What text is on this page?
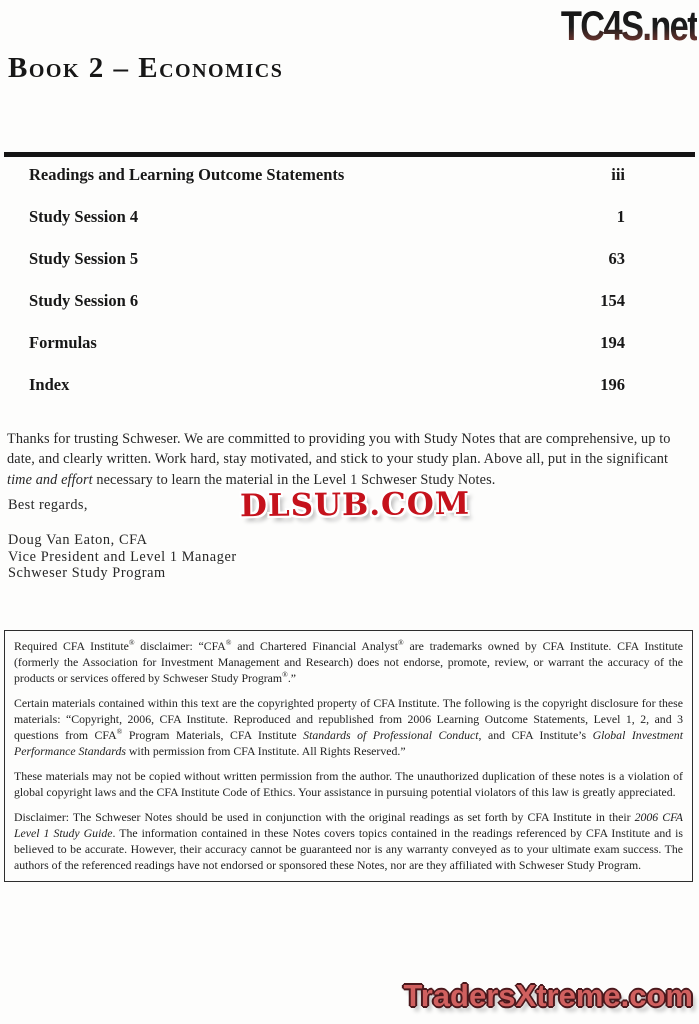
TC4S.net
Book 2 – Economics
Readings and Learning Outcome Statements	iii
Study Session 4	1
Study Session 5	63
Study Session 6	154
Formulas	194
Index	196

Thanks for trusting Schweser. We are committed to providing you with Study Notes that are comprehensive, up to date, and clearly written. Work hard, stay motivated, and stick to your study plan. Above all, put in the significant time and effort necessary to learn the material in the Level 1 Schweser Study Notes.

Best regards,	DLSUB.COM
Doug Van Eaton, CFA
Vice President and Level 1 Manager
Schweser Study Program

Required CFA Institute® disclaimer: “CFA® and Chartered Financial Analyst® are trademarks owned by CFA Institute. CFA Institute (formerly the Association for Investment Management and Research) does not endorse, promote, review, or warrant the accuracy of the products or services offered by Schweser Study Program®.”

Certain materials contained within this text are the copyrighted property of CFA Institute. The following is the copyright disclosure for these materials: “Copyright, 2006, CFA Institute. Reproduced and republished from 2006 Learning Outcome Statements, Level 1, 2, and 3 questions from CFA® Program Materials, CFA Institute Standards of Professional Conduct, and CFA Institute’s Global Investment Performance Standards with permission from CFA Institute. All Rights Reserved.”

These materials may not be copied without written permission from the author. The unauthorized duplication of these notes is a violation of global copyright laws and the CFA Institute Code of Ethics. Your assistance in pursuing potential violators of this law is greatly appreciated.

Disclaimer: The Schweser Notes should be used in conjunction with the original readings as set forth by CFA Institute in their 2006 CFA Level 1 Study Guide. The information contained in these Notes covers topics contained in the readings referenced by CFA Institute and is believed to be accurate. However, their accuracy cannot be guaranteed nor is any warranty conveyed as to your ultimate exam success. The authors of the referenced readings have not endorsed or sponsored these Notes, nor are they affiliated with Schweser Study Program.

TradersXtreme.com
